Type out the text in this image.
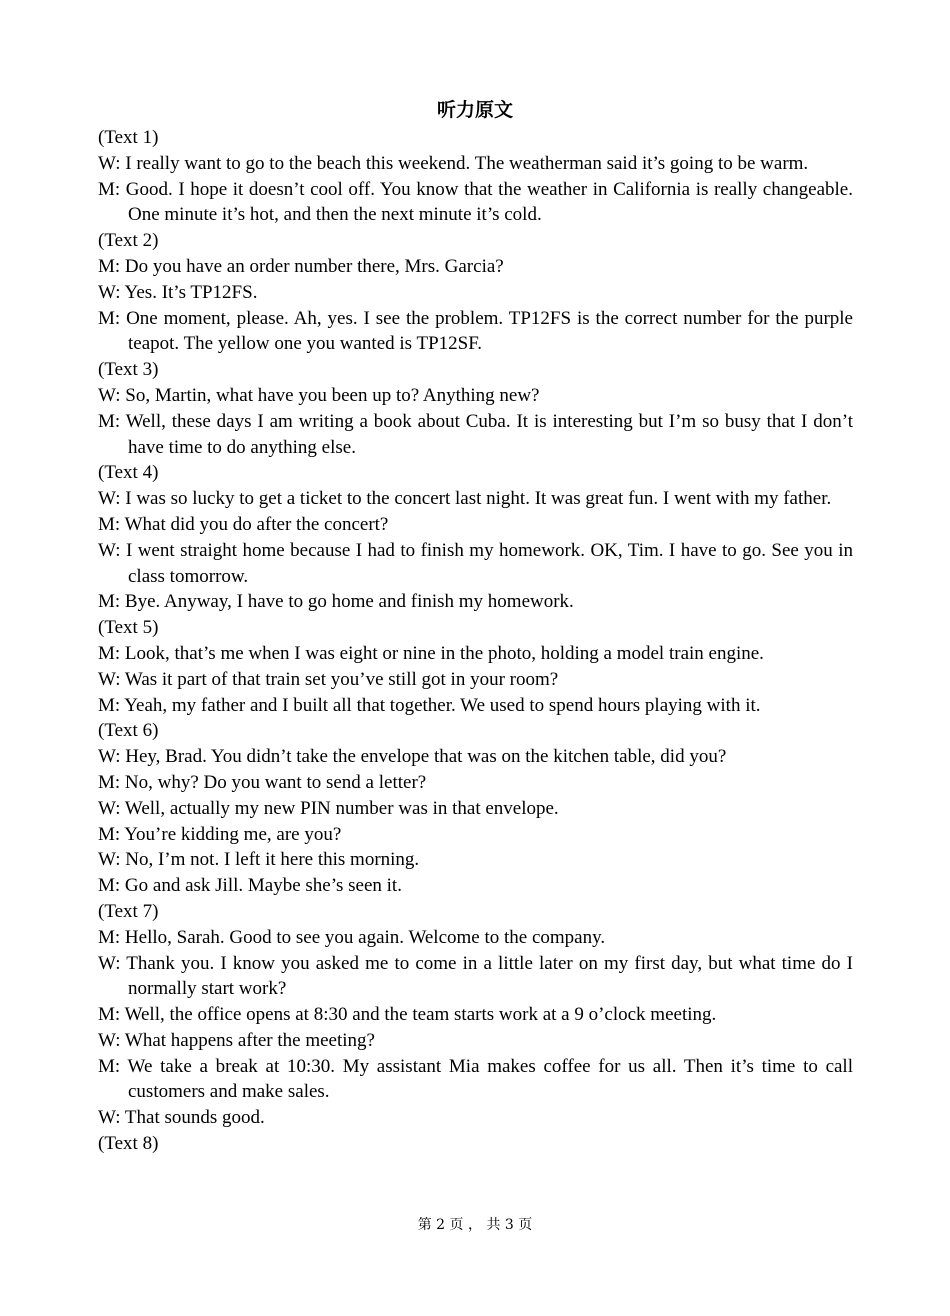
听力原文

(Text 1)

W: I really want to go to the beach this weekend. The weatherman said it’s going to be warm.

M: Good. I hope it doesn’t cool off. You know that the weather in California is really changeable. One minute it’s hot, and then the next minute it’s cold.

(Text 2)

M: Do you have an order number there, Mrs. Garcia?

W: Yes. It’s TP12FS.

M: One moment, please. Ah, yes. I see the problem. TP12FS is the correct number for the purple teapot. The yellow one you wanted is TP12SF.

(Text 3)

W: So, Martin, what have you been up to? Anything new?

M: Well, these days I am writing a book about Cuba. It is interesting but I’m so busy that I don’t have time to do anything else.

(Text 4)

W: I was so lucky to get a ticket to the concert last night. It was great fun. I went with my father.

M: What did you do after the concert?

W: I went straight home because I had to finish my homework. OK, Tim. I have to go. See you in class tomorrow.

M: Bye. Anyway, I have to go home and finish my homework.

(Text 5)

M: Look, that’s me when I was eight or nine in the photo, holding a model train engine.

W: Was it part of that train set you’ve still got in your room?

M: Yeah, my father and I built all that together. We used to spend hours playing with it.

(Text 6)

W: Hey, Brad. You didn’t take the envelope that was on the kitchen table, did you?

M: No, why? Do you want to send a letter?

W: Well, actually my new PIN number was in that envelope.

M: You’re kidding me, are you?

W: No, I’m not. I left it here this morning.

M: Go and ask Jill. Maybe she’s seen it.

(Text 7)

M: Hello, Sarah. Good to see you again. Welcome to the company.

W: Thank you. I know you asked me to come in a little later on my first day, but what time do I normally start work?

M: Well, the office opens at 8:30 and the team starts work at a 9 o’clock meeting.

W: What happens after the meeting?

M: We take a break at 10:30. My assistant Mia makes coffee for us all. Then it’s time to call customers and make sales.

W: That sounds good.

(Text 8)

第 2 页 ， 共 3 页
